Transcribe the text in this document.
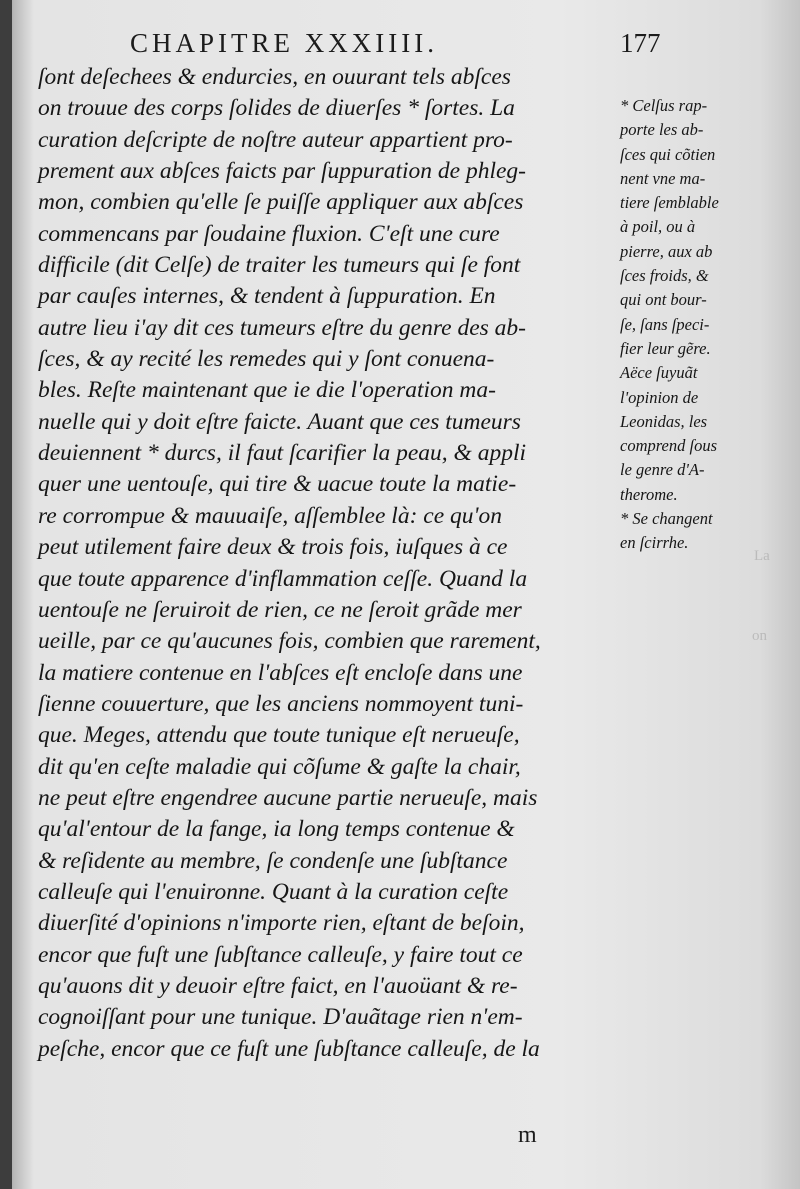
CHAPITRE XXXIIII.	177
ſont deſechees & endurcies, en ouurant tels abſces
on trouue des corps ſolides de diuerſes * ſortes. La
curation deſcripte de noſtre auteur appartient pro-
prement aux abſces faicts par ſuppuration de phleg-
mon, combien qu'elle ſe puiſſe appliquer aux abſces
commencans par ſoudaine fluxion. C'eſt une cure
difficile (dit Celſe) de traiter les tumeurs qui ſe font
par cauſes internes, & tendent à ſuppuration. En
autre lieu i'ay dit ces tumeurs eſtre du genre des ab-
ſces, & ay recité les remedes qui y ſont conuena-
bles. Reſte maintenant que ie die l'operation ma-
nuelle qui y doit eſtre faicte. Auant que ces tumeurs
deuiennent * durcs, il faut ſcarifier la peau, & appli
quer une uentouſe, qui tire & uacue toute la matie-
re corrompue & mauuaiſe, aſſemblee là: ce qu'on
peut utilement faire deux & trois fois, iuſques à ce
que toute apparence d'inflammation ceſſe. Quand la
uentouſe ne ſeruiroit de rien, ce ne ſeroit grãde mer
ueille, par ce qu'aucunes fois, combien que rarement,
la matiere contenue en l'abſces eſt encloſe dans une
ſienne couuerture, que les anciens nommoyent tuni-
que. Meges, attendu que toute tunique eſt nerueuſe,
dit qu'en ceſte maladie qui cõſume & gaſte la chair,
ne peut eſtre engendree aucune partie nerueuſe, mais
qu'al'entour de la fange, ia long temps contenue &
& reſidente au membre, ſe condenſe une ſubſtance
calleuſe qui l'enuironne. Quant à la curation ceſte
diuerſité d'opinions n'importe rien, eſtant de beſoin,
encor que fuſt une ſubſtance calleuſe, y faire tout ce
qu'auons dit y deuoir eſtre faict, en l'auoüant & re-
cognoiſſant pour une tunique. D'auãtage rien n'em-
peſche, encor que ce fuſt une ſubſtance calleuſe, de la
* Celſus rap-
porte les ab-
ſces qui cõtien
nent vne ma-
tiere ſemblable
à poil, ou à
pierre, aux ab
ſces froids, &
qui ont bour-
ſe, ſans ſpeci-
fier leur gẽre.
Aëce ſuyuãt
l'opinion de
Leonidas, les
comprend ſous
le genre d'A-
therome.
* Se changent
en ſcirrhe.
m
La
on
